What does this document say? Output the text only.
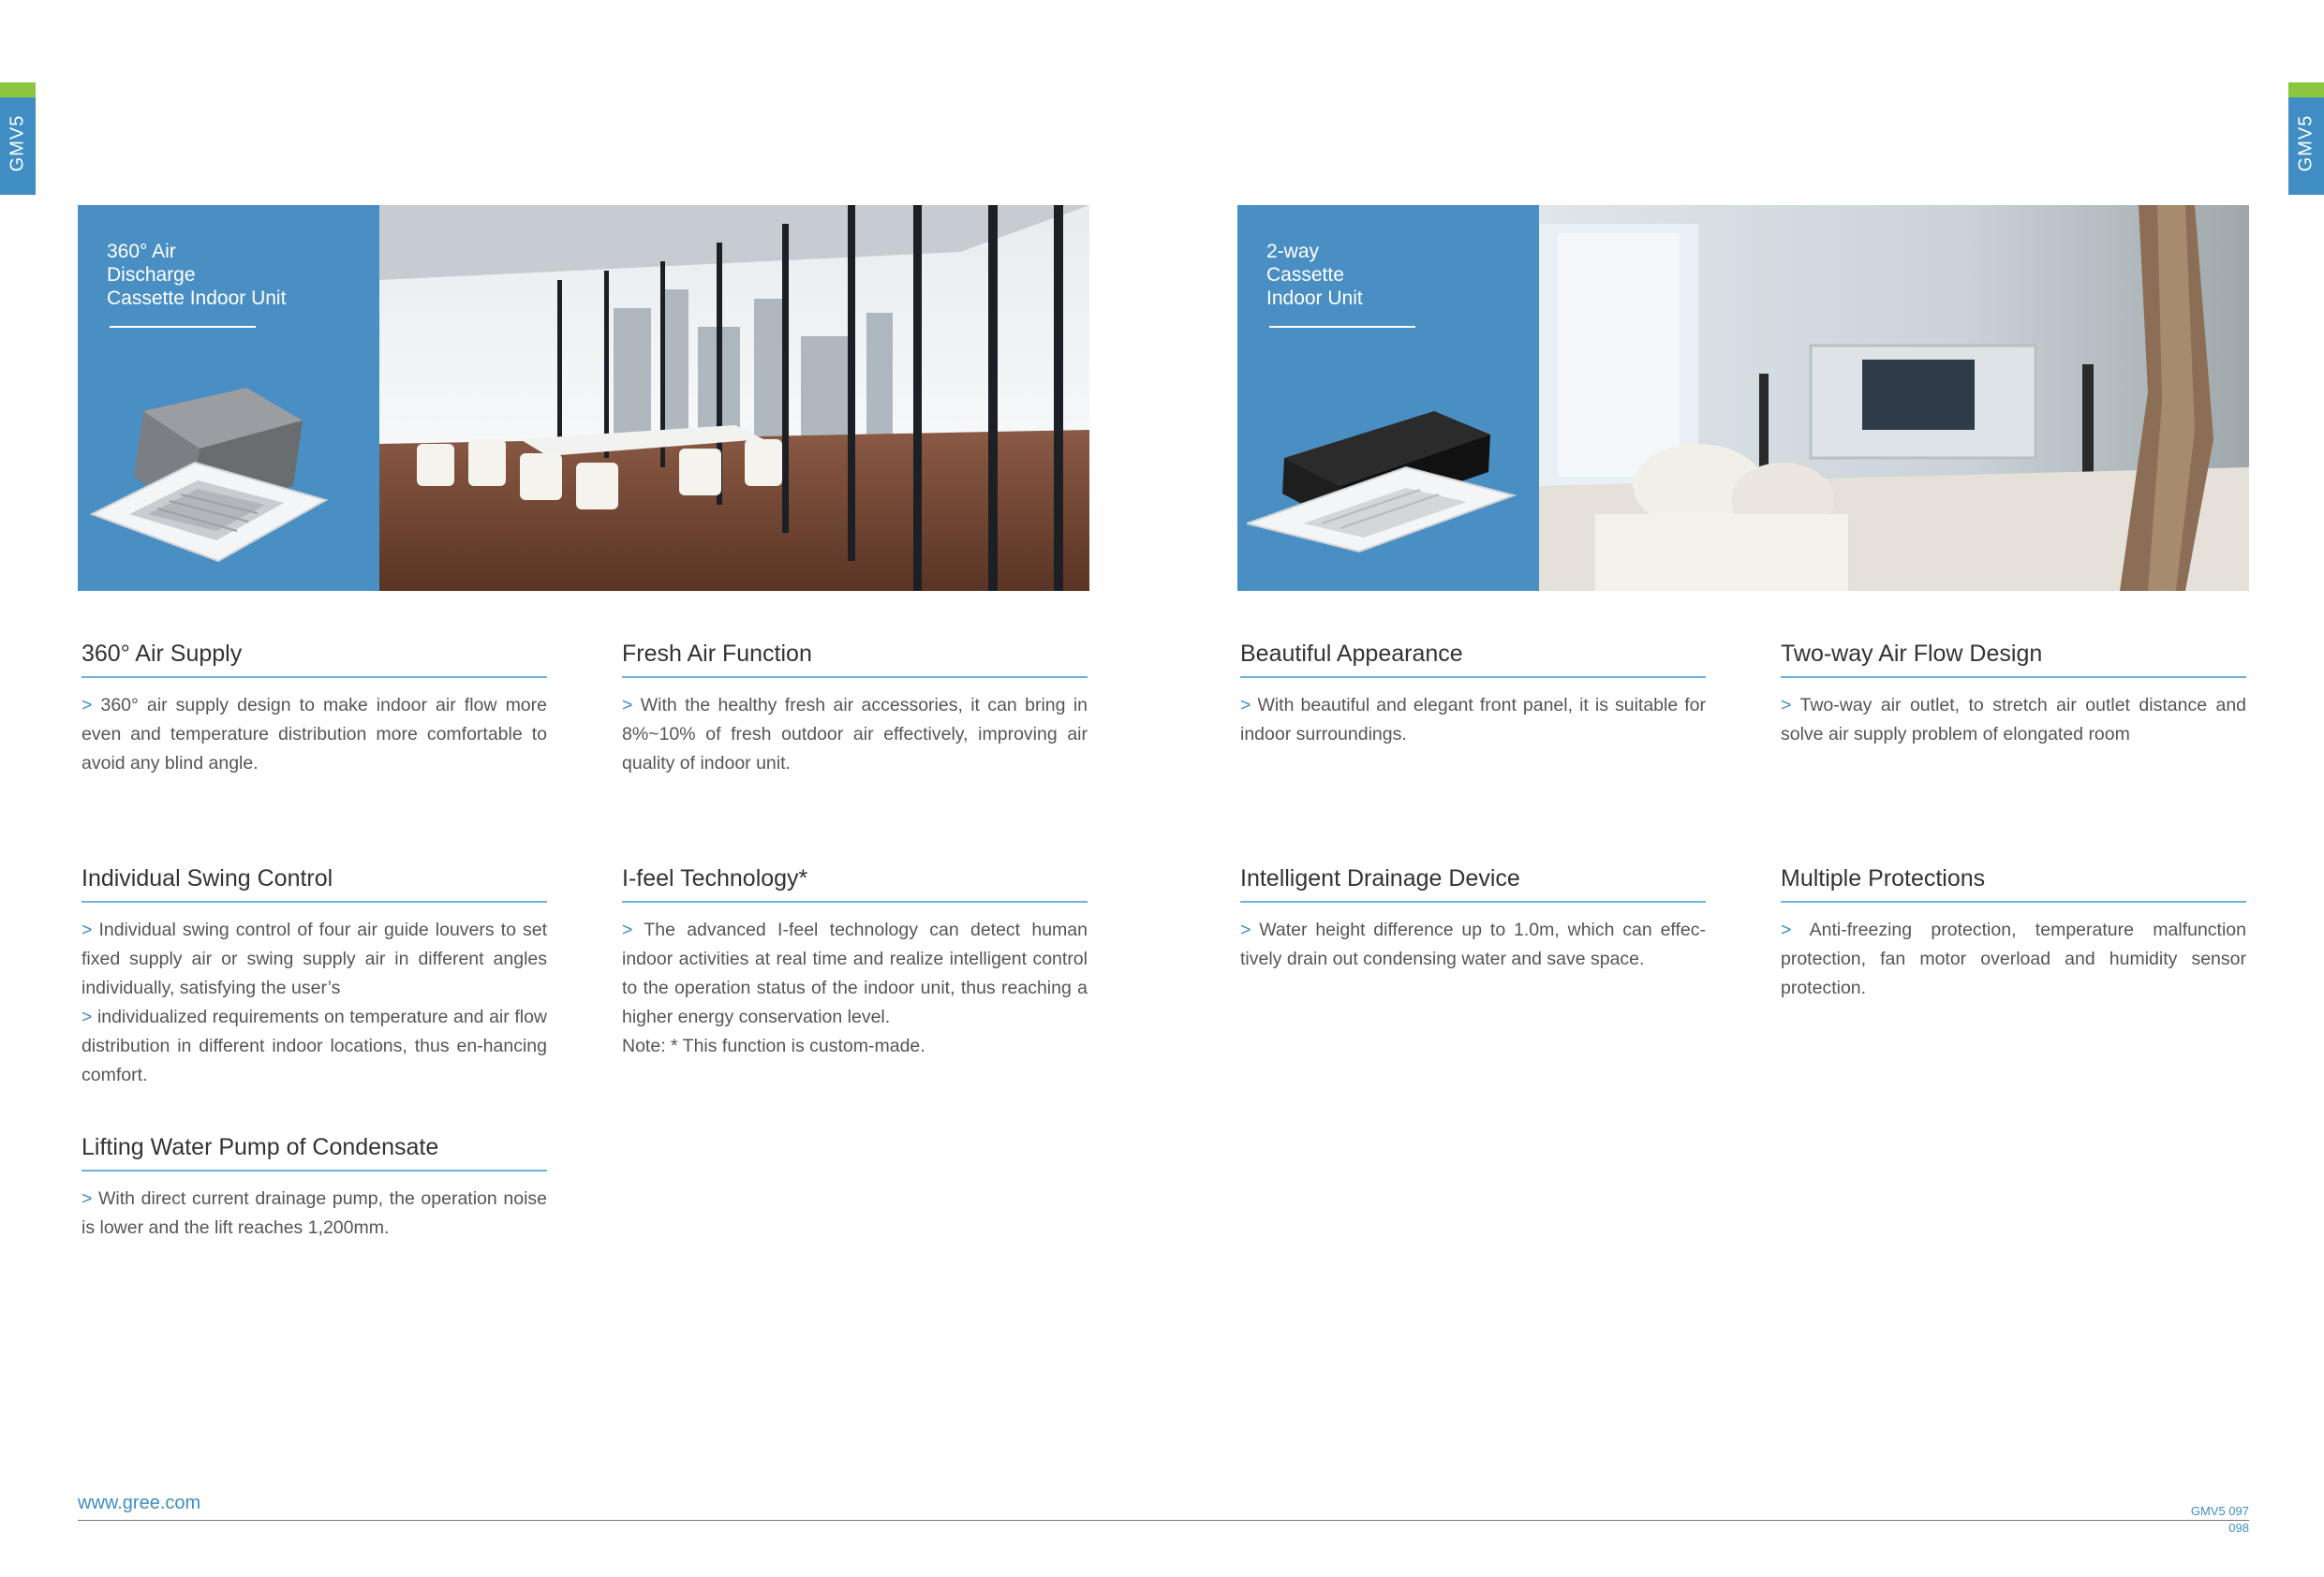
GMV5	GMV5
360° Air
Discharge
Cassette Indoor Unit
2-way
Cassette
Indoor Unit
360° Air Supply
> 360° air supply design to make indoor air flow more even and temperature distribution more comfortable to avoid any blind angle.
Fresh Air Function
> With the healthy fresh air accessories, it can bring in 8%~10% of fresh outdoor air effectively, improving air quality of indoor unit.
Beautiful Appearance
> With beautiful and elegant front panel, it is suitable for indoor surroundings.
Two-way Air Flow Design
> Two-way air outlet, to stretch air outlet distance and solve air supply problem of elongated room
Individual Swing Control
> Individual swing control of four air guide louvers to set fixed supply air or swing supply air in different angles individually, satisfying the user’s
> individualized requirements on temperature and air flow distribution in different indoor locations, thus en-hancing comfort.
I-feel Technology*
> The advanced I-feel technology can detect human indoor activities at real time and realize intelligent control to the operation status of the indoor unit, thus reaching a higher energy conservation level.
Note: * This function is custom-made.
Intelligent Drainage Device
> Water height difference up to 1.0m, which can effec-tively drain out condensing water and save space.
Multiple Protections
> Anti-freezing protection, temperature malfunction protection, fan motor overload and humidity sensor protection.
Lifting Water Pump of Condensate
> With direct current drainage pump, the operation noise is lower and the lift reaches 1,200mm.
www.gree.com	GMV5 097
098
